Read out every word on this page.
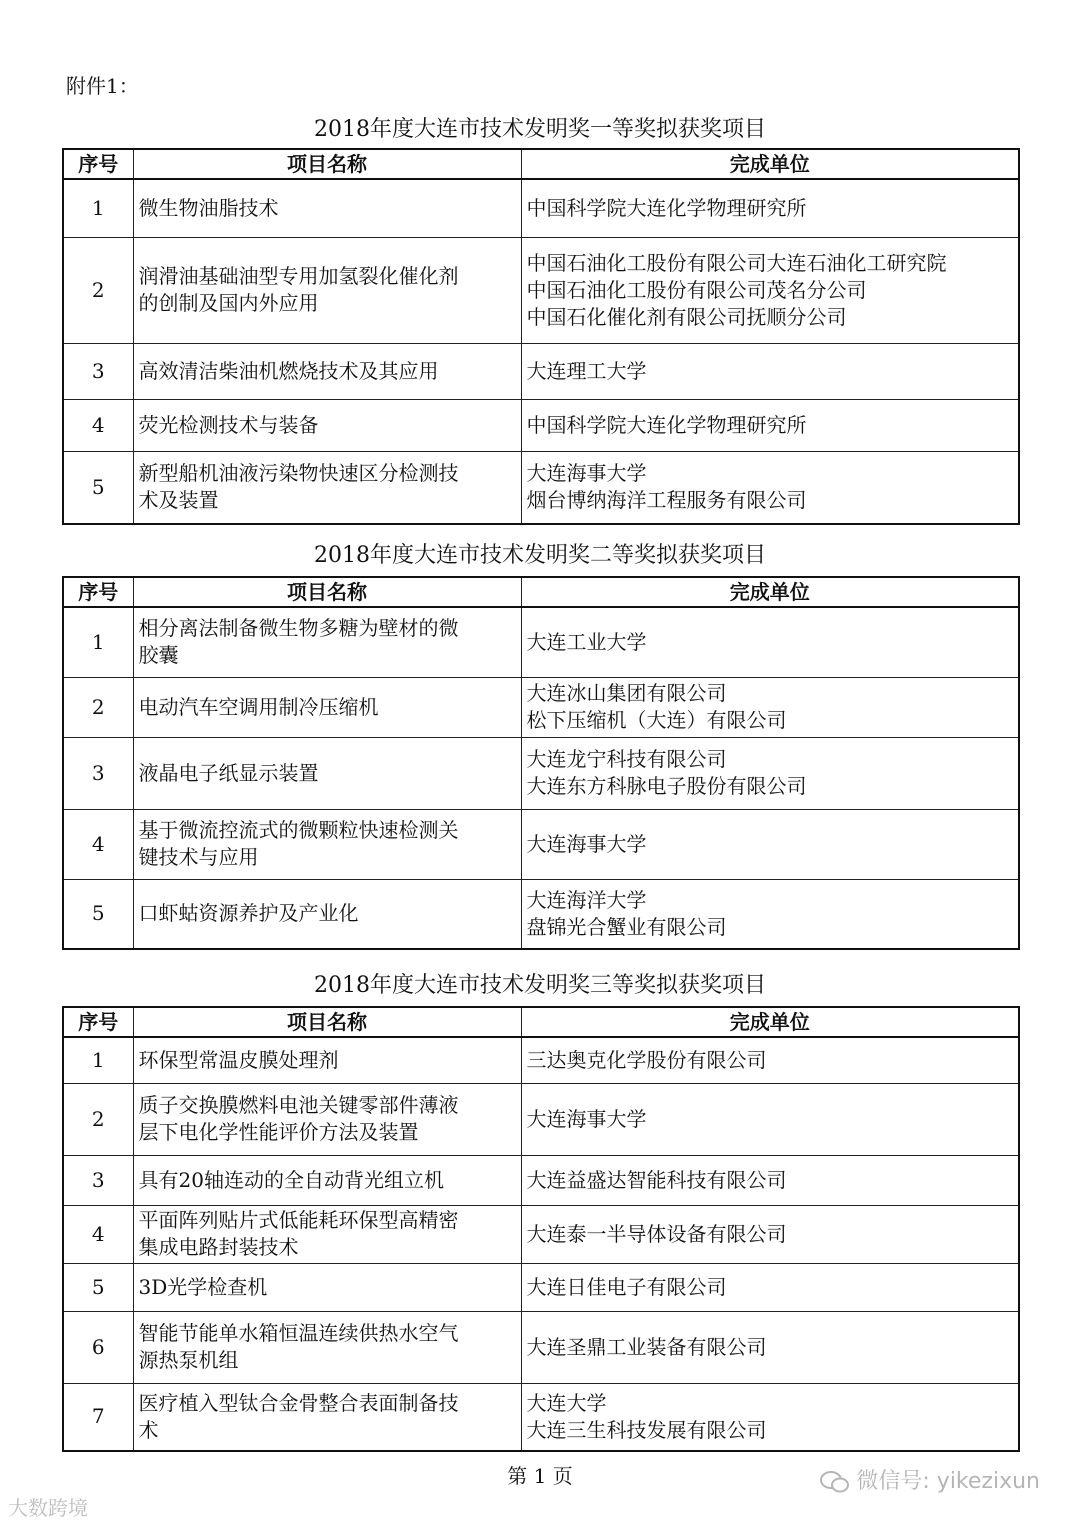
附件1：
2018年度大连市技术发明奖一等奖拟获奖项目
序号	项目名称	完成单位
1	微生物油脂技术	中国科学院大连化学物理研究所

2	润滑油基础油型专用加氢裂化催化剂
的创制及国内外应用	中国石油化工股份有限公司大连石油化工研究院
中国石油化工股份有限公司茂名分公司
中国石化催化剂有限公司抚顺分公司

3	高效清洁柴油机燃烧技术及其应用	大连理工大学

4	荧光检测技术与装备	中国科学院大连化学物理研究所

5	新型船机油液污染物快速区分检测技
术及装置	大连海事大学
烟台博纳海洋工程服务有限公司
2018年度大连市技术发明奖二等奖拟获奖项目
序号	项目名称	完成单位
1	相分离法制备微生物多糖为壁材的微
胶囊	大连工业大学

2	电动汽车空调用制冷压缩机	大连冰山集团有限公司
松下压缩机（大连）有限公司

3	液晶电子纸显示装置	大连龙宁科技有限公司
大连东方科脉电子股份有限公司

4	基于微流控流式的微颗粒快速检测关
键技术与应用	大连海事大学

5	口虾蛄资源养护及产业化	大连海洋大学
盘锦光合蟹业有限公司
2018年度大连市技术发明奖三等奖拟获奖项目
序号	项目名称	完成单位
1	环保型常温皮膜处理剂	三达奥克化学股份有限公司

2	质子交换膜燃料电池关键零部件薄液
层下电化学性能评价方法及装置	大连海事大学

3	具有20轴连动的全自动背光组立机	大连益盛达智能科技有限公司

4	平面阵列贴片式低能耗环保型高精密
集成电路封装技术	大连泰一半导体设备有限公司

5	3D光学检查机	大连日佳电子有限公司

6	智能节能单水箱恒温连续供热水空气
源热泵机组	大连圣鼎工业装备有限公司

7	医疗植入型钛合金骨整合表面制备技
术	大连大学
大连三生科技发展有限公司
第 1 页
大数跨境
微信号: yikezixun
